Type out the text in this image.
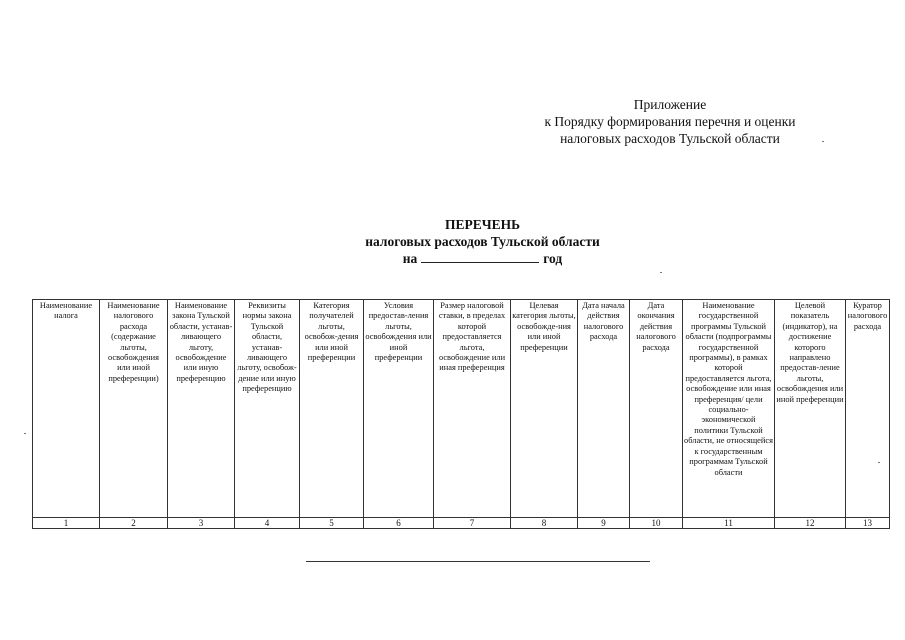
Приложение
к Порядку формирования перечня и оценки
налоговых расходов Тульской области
ПЕРЕЧЕНЬ
налоговых расходов Тульской области
на	год
Наименование налога	Наименование налогового расхода (содержание льготы, освобождения или иной преференции)	Наименование закона Тульской области, устанав-ливающего льготу, освобождение или иную преференцию	Реквизиты нормы закона Тульской области, устанав-ливающего льготу, освобож-дение или иную преференцию	Категория получателей льготы, освобож-дения или иной преференции	Условия предостав-ления льготы, освобождения или иной преференции	Размер налоговой ставки, в пределах которой предоставляется льгота, освобождение или иная преференция	Целевая категория льготы, освобожде-ния или иной преференции	Дата начала действия налогового расхода	Дата окончания действия налогового расхода	Наименование государственной программы Тульской области (подпрограммы государственной программы), в рамках которой предоставляется льгота, освобождение или иная преференция/ цели социально-экономической политики Тульской области, не относящейся к государственным программам Тульской области	Целевой показатель (индикатор), на достижение которого направлено предостав-ление льготы, освобождения или иной преференции	Куратор налогового расхода
1	2	3	4	5	6	7	8	9	10	11	12	13
